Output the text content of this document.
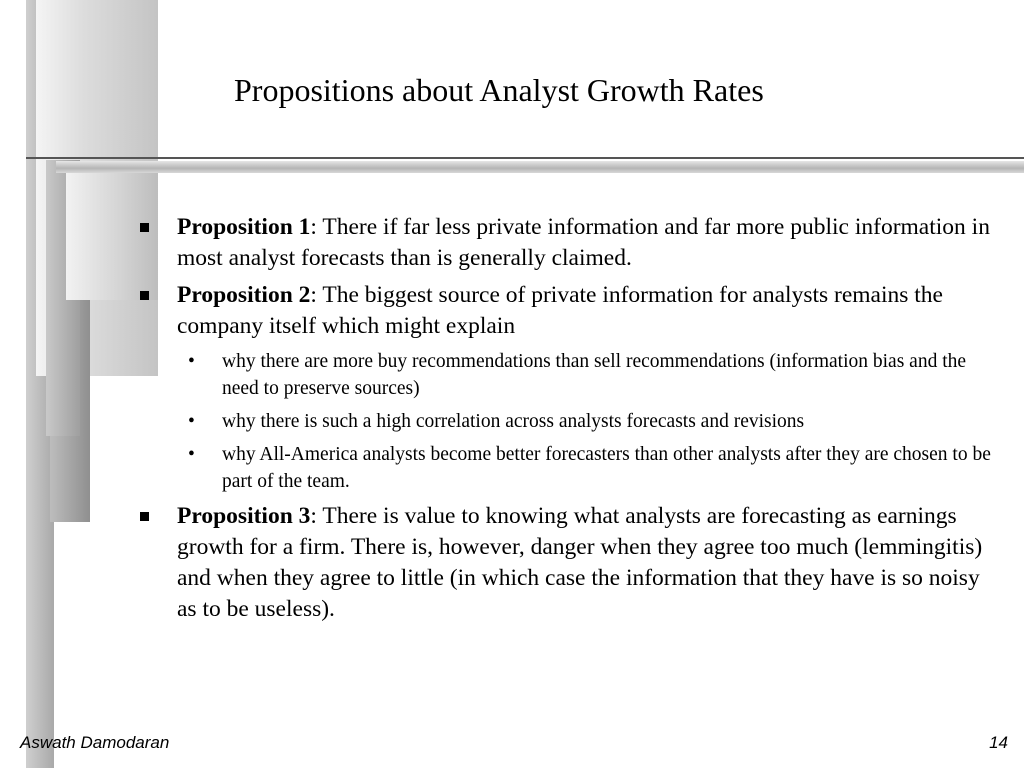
Propositions about Analyst Growth Rates
Proposition 1: There if far less private information and far more public information in most analyst forecasts than is generally claimed.
Proposition 2: The biggest source of private information for analysts remains the company itself which might explain
• why there are more buy recommendations than sell recommendations (information bias and the need to preserve sources)
• why there is such a high correlation across analysts forecasts and revisions
• why All-America analysts become better forecasters than other analysts after they are chosen to be part of the team.
Proposition 3: There is value to knowing what analysts are forecasting as earnings growth for a firm. There is, however, danger when they agree too much (lemmingitis) and when they agree to little (in which case the information that they have is so noisy as to be useless).
Aswath Damodaran	14
